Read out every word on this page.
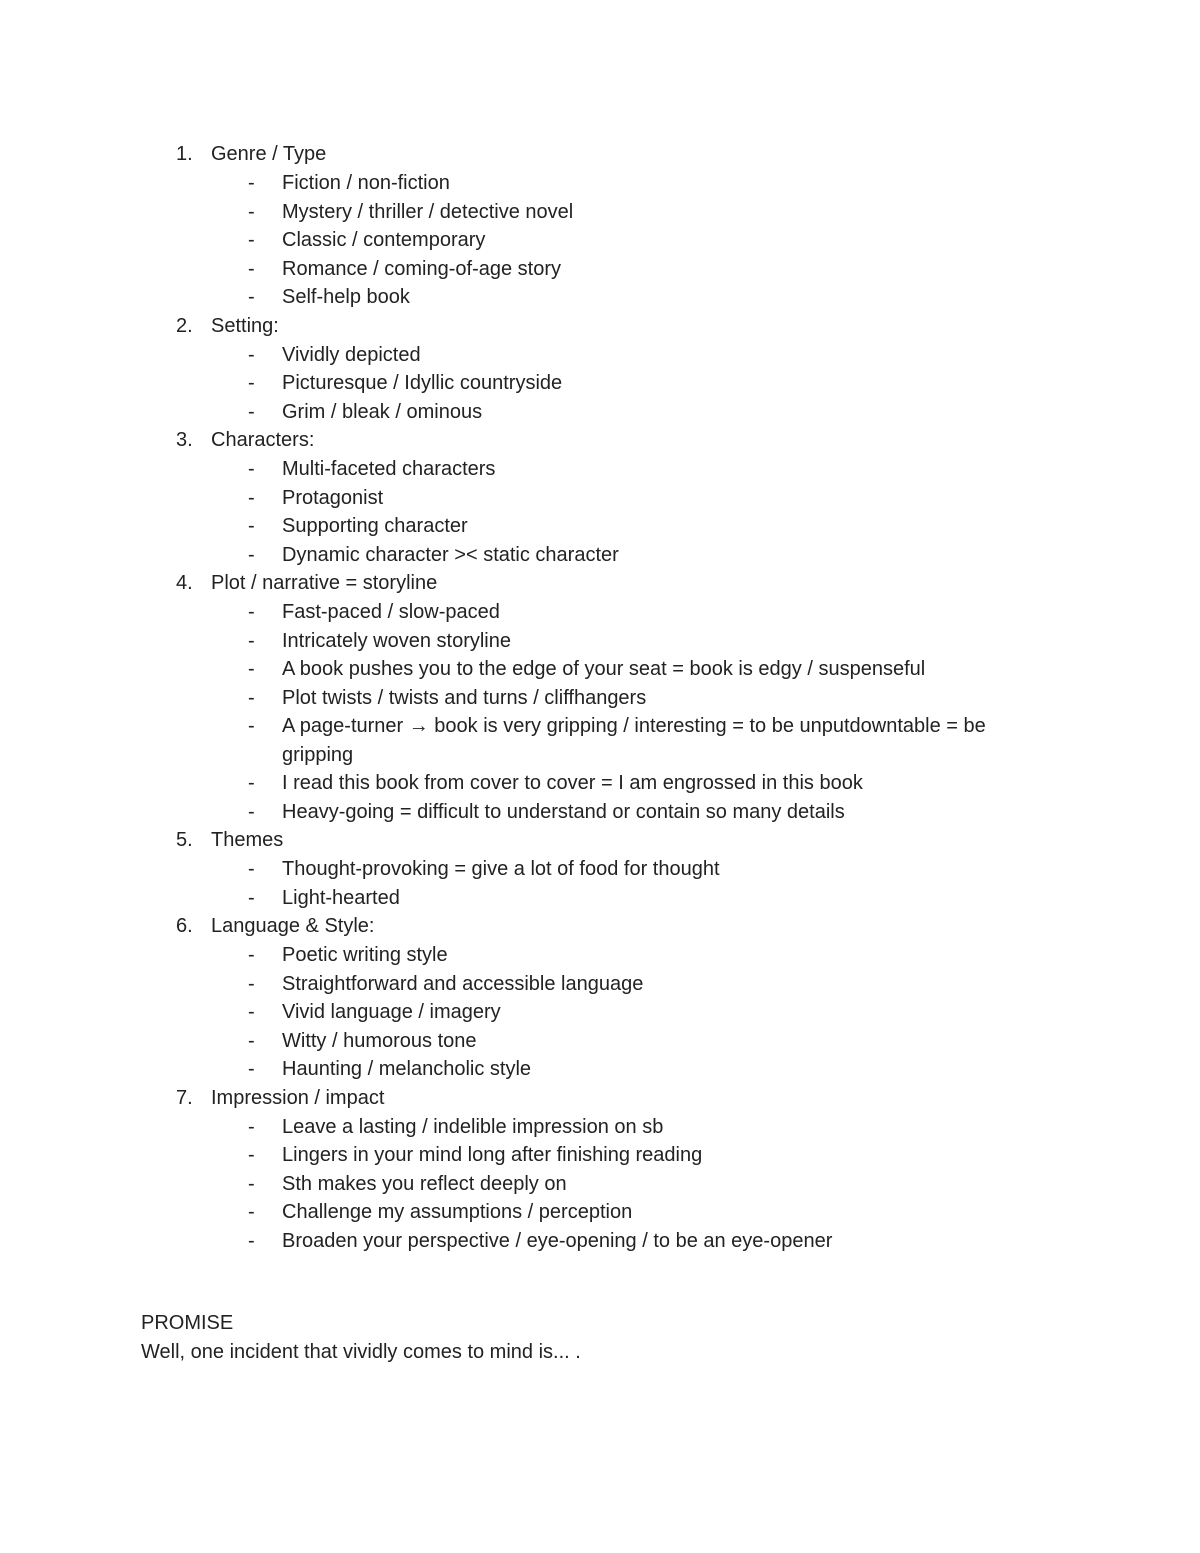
1. Genre / Type
- Fiction / non-fiction
- Mystery / thriller / detective novel
- Classic / contemporary
- Romance / coming-of-age story
- Self-help book
2. Setting:
- Vividly depicted
- Picturesque / Idyllic countryside
- Grim / bleak / ominous
3. Characters:
- Multi-faceted characters
- Protagonist
- Supporting character
- Dynamic character >< static character
4. Plot / narrative = storyline
- Fast-paced / slow-paced
- Intricately woven storyline
- A book pushes you to the edge of your seat = book is edgy / suspenseful
- Plot twists / twists and turns / cliffhangers
- A page-turner → book is very gripping / interesting = to be unputdowntable = be gripping
- I read this book from cover to cover = I am engrossed in this book
- Heavy-going = difficult to understand or contain so many details
5. Themes
- Thought-provoking = give a lot of food for thought
- Light-hearted
6. Language & Style:
- Poetic writing style
- Straightforward and accessible language
- Vivid language / imagery
- Witty / humorous tone
- Haunting / melancholic style
7. Impression / impact
- Leave a lasting / indelible impression on sb
- Lingers in your mind long after finishing reading
- Sth makes you reflect deeply on
- Challenge my assumptions / perception
- Broaden your perspective / eye-opening / to be an eye-opener
PROMISE
Well, one incident that vividly comes to mind is... .
